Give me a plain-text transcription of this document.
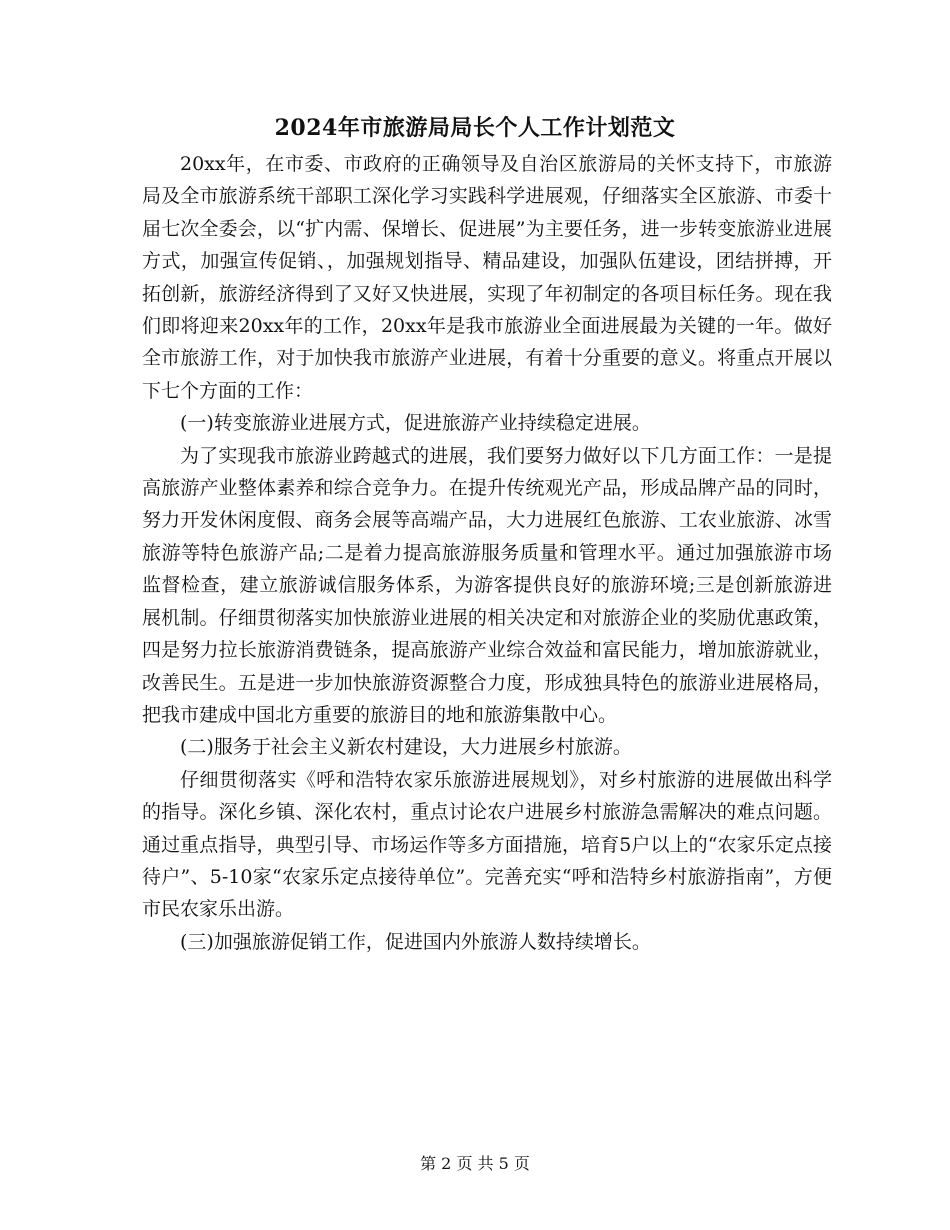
2024年市旅游局局长个人工作计划范文

20xx年，在市委、市政府的正确领导及自治区旅游局的关怀支持下，市旅游局及全市旅游系统干部职工深化学习实践科学进展观，仔细落实全区旅游、市委十届七次全委会，以“扩内需、保增长、促进展”为主要任务，进一步转变旅游业进展方式，加强宣传促销、，加强规划指导、精品建设，加强队伍建设，团结拼搏，开拓创新，旅游经济得到了又好又快进展，实现了年初制定的各项目标任务。现在我们即将迎来20xx年的工作，20xx年是我市旅游业全面进展最为关键的一年。做好全市旅游工作，对于加快我市旅游产业进展，有着十分重要的意义。将重点开展以下七个方面的工作：

(一)转变旅游业进展方式，促进旅游产业持续稳定进展。

为了实现我市旅游业跨越式的进展，我们要努力做好以下几方面工作：一是提高旅游产业整体素养和综合竞争力。在提升传统观光产品，形成品牌产品的同时，努力开发休闲度假、商务会展等高端产品，大力进展红色旅游、工农业旅游、冰雪旅游等特色旅游产品;二是着力提高旅游服务质量和管理水平。通过加强旅游市场监督检查，建立旅游诚信服务体系，为游客提供良好的旅游环境;三是创新旅游进展机制。仔细贯彻落实加快旅游业进展的相关决定和对旅游企业的奖励优惠政策，四是努力拉长旅游消费链条，提高旅游产业综合效益和富民能力，增加旅游就业，改善民生。五是进一步加快旅游资源整合力度，形成独具特色的旅游业进展格局，把我市建成中国北方重要的旅游目的地和旅游集散中心。

(二)服务于社会主义新农村建设，大力进展乡村旅游。

仔细贯彻落实《呼和浩特农家乐旅游进展规划》，对乡村旅游的进展做出科学的指导。深化乡镇、深化农村，重点讨论农户进展乡村旅游急需解决的难点问题。通过重点指导，典型引导、市场运作等多方面措施，培育5户以上的“农家乐定点接待户”、5-10家“农家乐定点接待单位”。完善充实“呼和浩特乡村旅游指南”，方便市民农家乐出游。

(三)加强旅游促销工作，促进国内外旅游人数持续增长。

第 2 页 共 5 页
